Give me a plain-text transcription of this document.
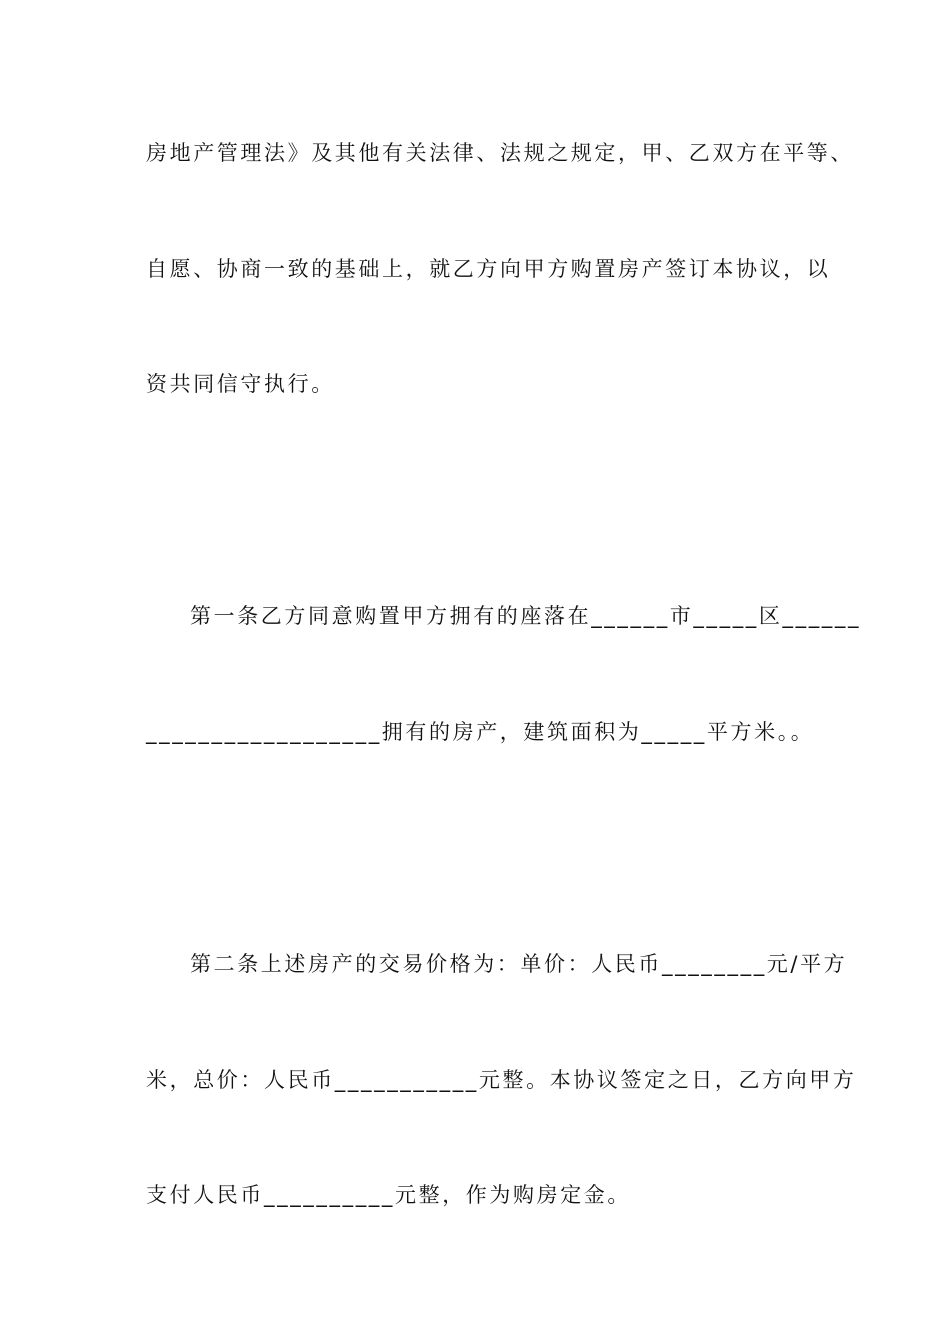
房地产管理法》及其他有关法律、法规之规定，甲、乙双方在平等、
自愿、协商一致的基础上，就乙方向甲方购置房产签订本协议，以
资共同信守执行。
第一条乙方同意购置甲方拥有的座落在______市_____区______
__________________拥有的房产，建筑面积为_____平方米。。
第二条上述房产的交易价格为：单价：人民币________元/平方
米，总价：人民币___________元整。本协议签定之日，乙方向甲方
支付人民币__________元整，作为购房定金。
